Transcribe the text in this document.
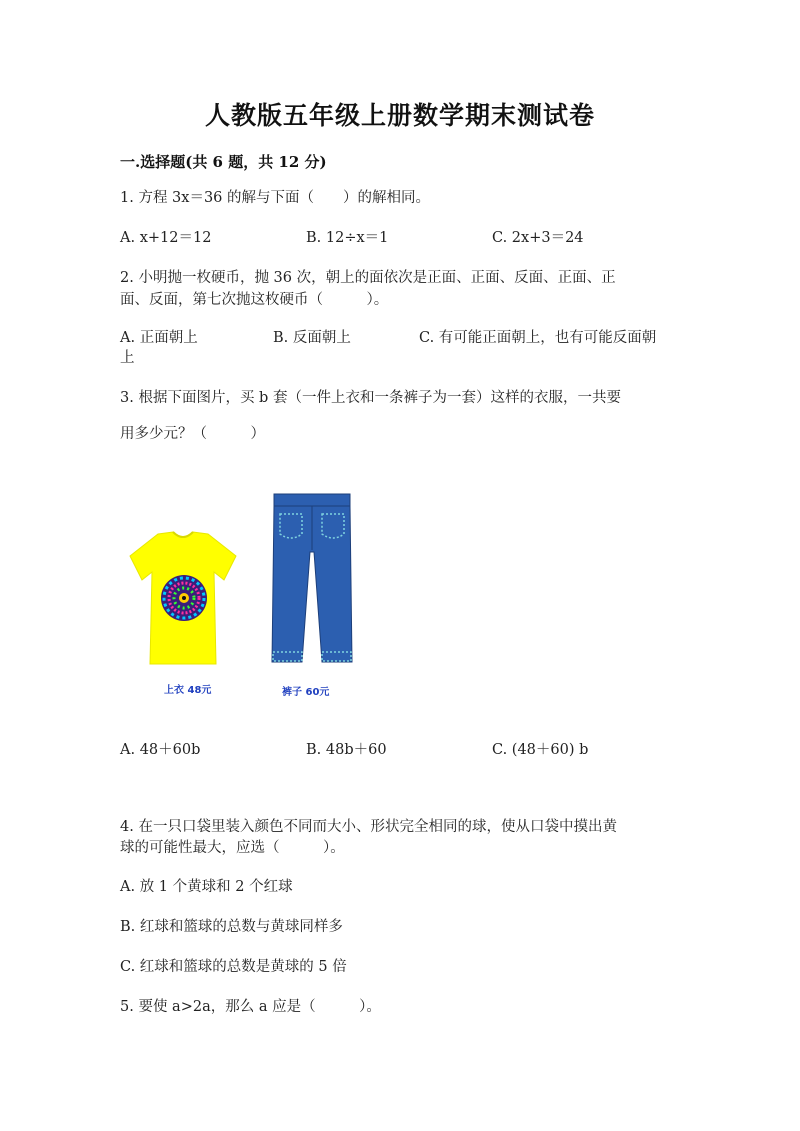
人教版五年级上册数学期末测试卷
一.选择题(共 6 题，共 12 分)
1. 方程 3x＝36 的解与下面（　　）的解相同。
A. x+12＝12	B. 12÷x＝1	C. 2x+3＝24
2. 小明抛一枚硬币，抛 36 次，朝上的面依次是正面、正面、反面、正面、正
面、反面，第七次抛这枚硬币（　　　）。
A. 正面朝上	B. 反面朝上	C. 有可能正面朝上，也有可能反面朝
上
3. 根据下面图片，买 b 套（一件上衣和一条裤子为一套）这样的衣服，一共要
用多少元？（　　　）
上衣 48元	裤子 60元
A. 48＋60b	B. 48b＋60	C. (48＋60) b
4. 在一只口袋里装入颜色不同而大小、形状完全相同的球，使从口袋中摸出黄
球的可能性最大，应选（　　　）。
A. 放 1 个黄球和 2 个红球
B. 红球和篮球的总数与黄球同样多
C. 红球和篮球的总数是黄球的 5 倍
5. 要使 a>2a，那么 a 应是（　　　）。
